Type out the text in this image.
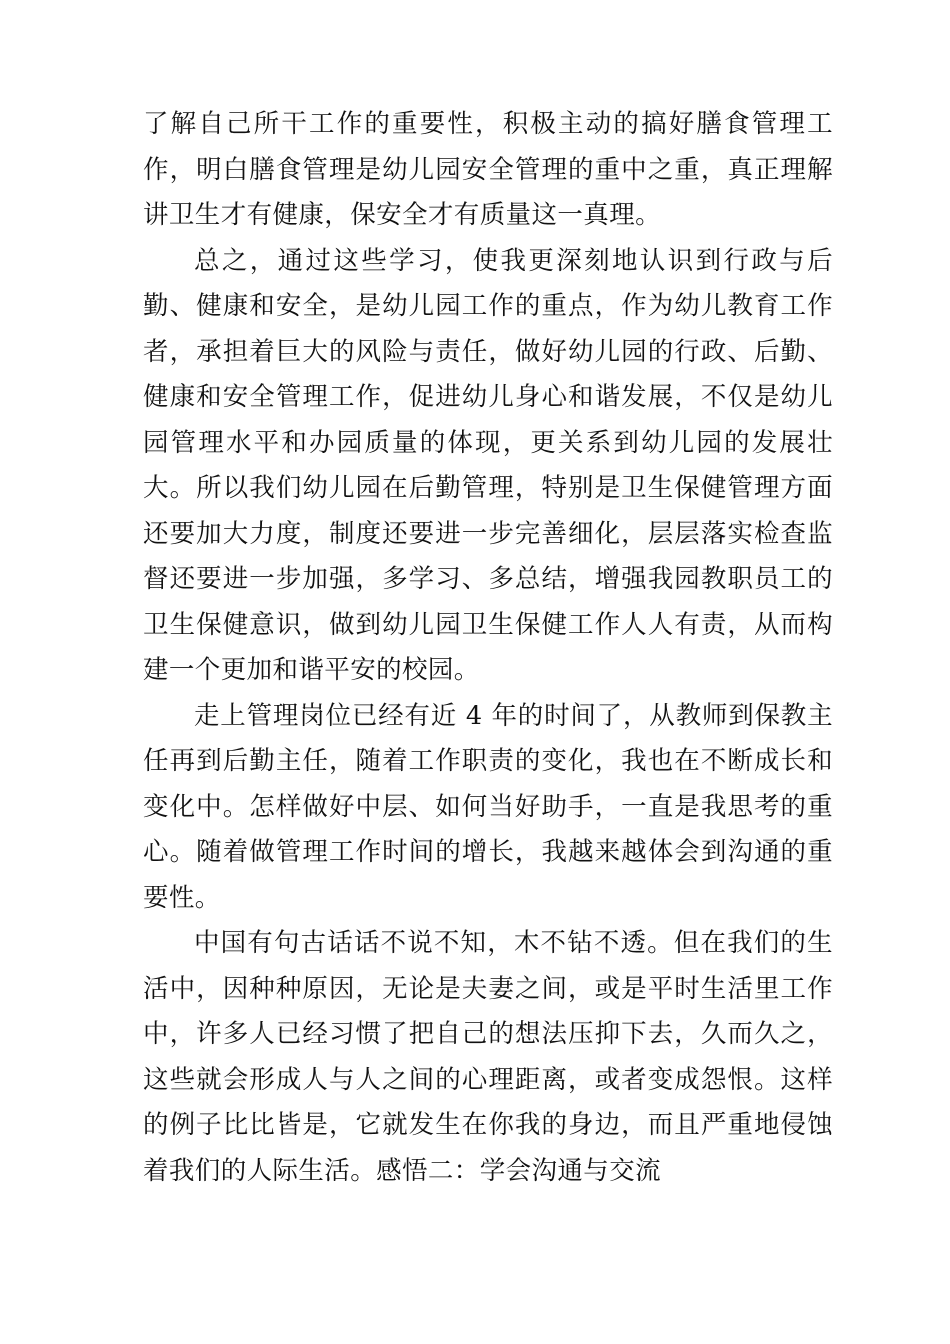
了解自己所干工作的重要性，积极主动的搞好膳食管理工作，明白膳食管理是幼儿园安全管理的重中之重，真正理解讲卫生才有健康，保安全才有质量这一真理。

总之，通过这些学习，使我更深刻地认识到行政与后勤、健康和安全，是幼儿园工作的重点，作为幼儿教育工作者，承担着巨大的风险与责任，做好幼儿园的行政、后勤、健康和安全管理工作，促进幼儿身心和谐发展，不仅是幼儿园管理水平和办园质量的体现，更关系到幼儿园的发展壮大。所以我们幼儿园在后勤管理，特别是卫生保健管理方面还要加大力度，制度还要进一步完善细化，层层落实检查监督还要进一步加强，多学习、多总结，增强我园教职员工的卫生保健意识，做到幼儿园卫生保健工作人人有责，从而构建一个更加和谐平安的校园。

走上管理岗位已经有近 4 年的时间了，从教师到保教主任再到后勤主任，随着工作职责的变化，我也在不断成长和变化中。怎样做好中层、如何当好助手，一直是我思考的重心。随着做管理工作时间的增长，我越来越体会到沟通的重要性。

中国有句古话话不说不知，木不钻不透。但在我们的生活中，因种种原因，无论是夫妻之间，或是平时生活里工作中，许多人已经习惯了把自己的想法压抑下去，久而久之，这些就会形成人与人之间的心理距离，或者变成怨恨。这样的例子比比皆是，它就发生在你我的身边，而且严重地侵蚀着我们的人际生活。感悟二：学会沟通与交流
